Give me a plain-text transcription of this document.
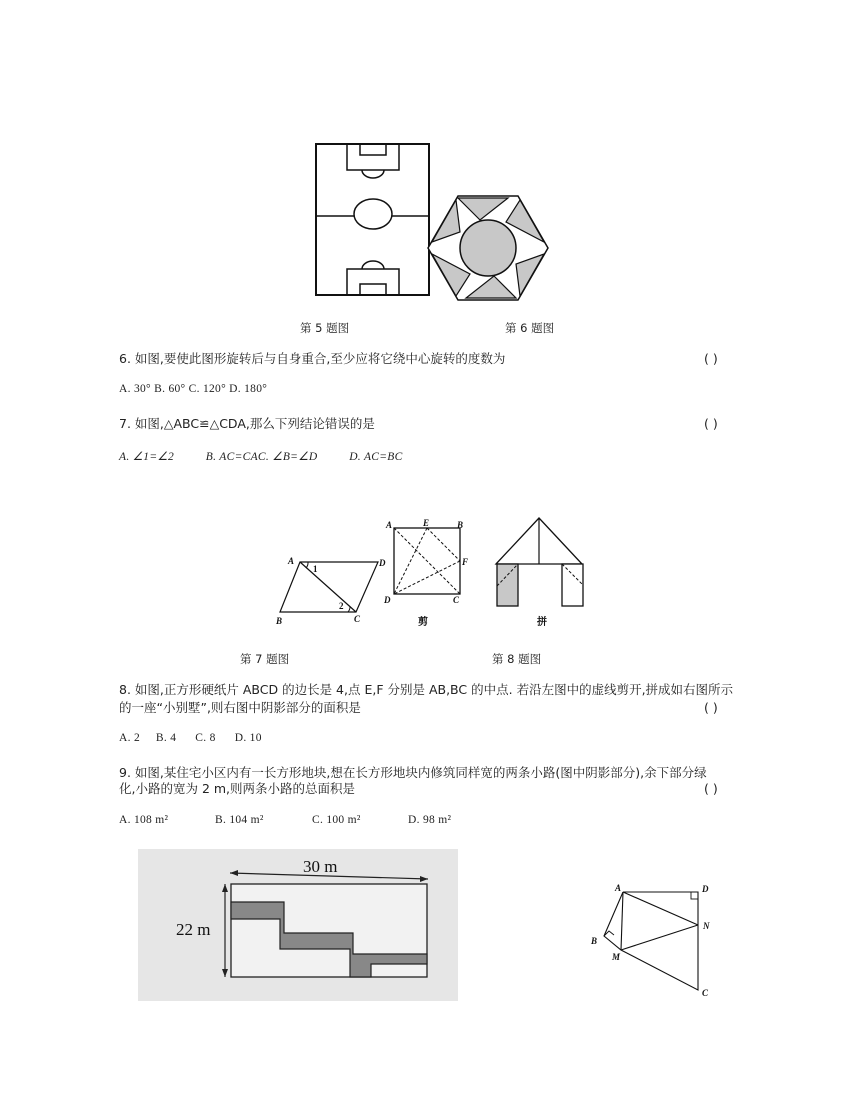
第 5 题图	第 6 题图
6. 如图,要使此图形旋转后与自身重合,至少应将它绕中心旋转的度数为	( )
A. 30° B. 60° C. 120° D. 180°
7. 如图,△ABC≌△CDA,那么下列结论错误的是	( )
A. ∠1=∠2          B. AC=CAC. ∠B=∠D          D. AC=BC
A	D
B	C
1
2
A	E	B
F
D	C
剪	拼
第 7 题图	第 8 题图
8. 如图,正方形硬纸片 ABCD 的边长是 4,点 E,F 分别是 AB,BC 的中点. 若沿左图中的虚线剪开,拼成如右图所示
的一座“小别墅”,则右图中阴影部分的面积是	( )
A. 2     B. 4      C. 8      D. 10
9. 如图,某住宅小区内有一长方形地块,想在长方形地块内修筑同样宽的两条小路(图中阴影部分),余下部分绿
化,小路的宽为 2 m,则两条小路的总面积是	( )
A. 108 m²	B. 104 m²	C. 100 m²	D. 98 m²
30 m
22 m
A	D
N
B
M
C
